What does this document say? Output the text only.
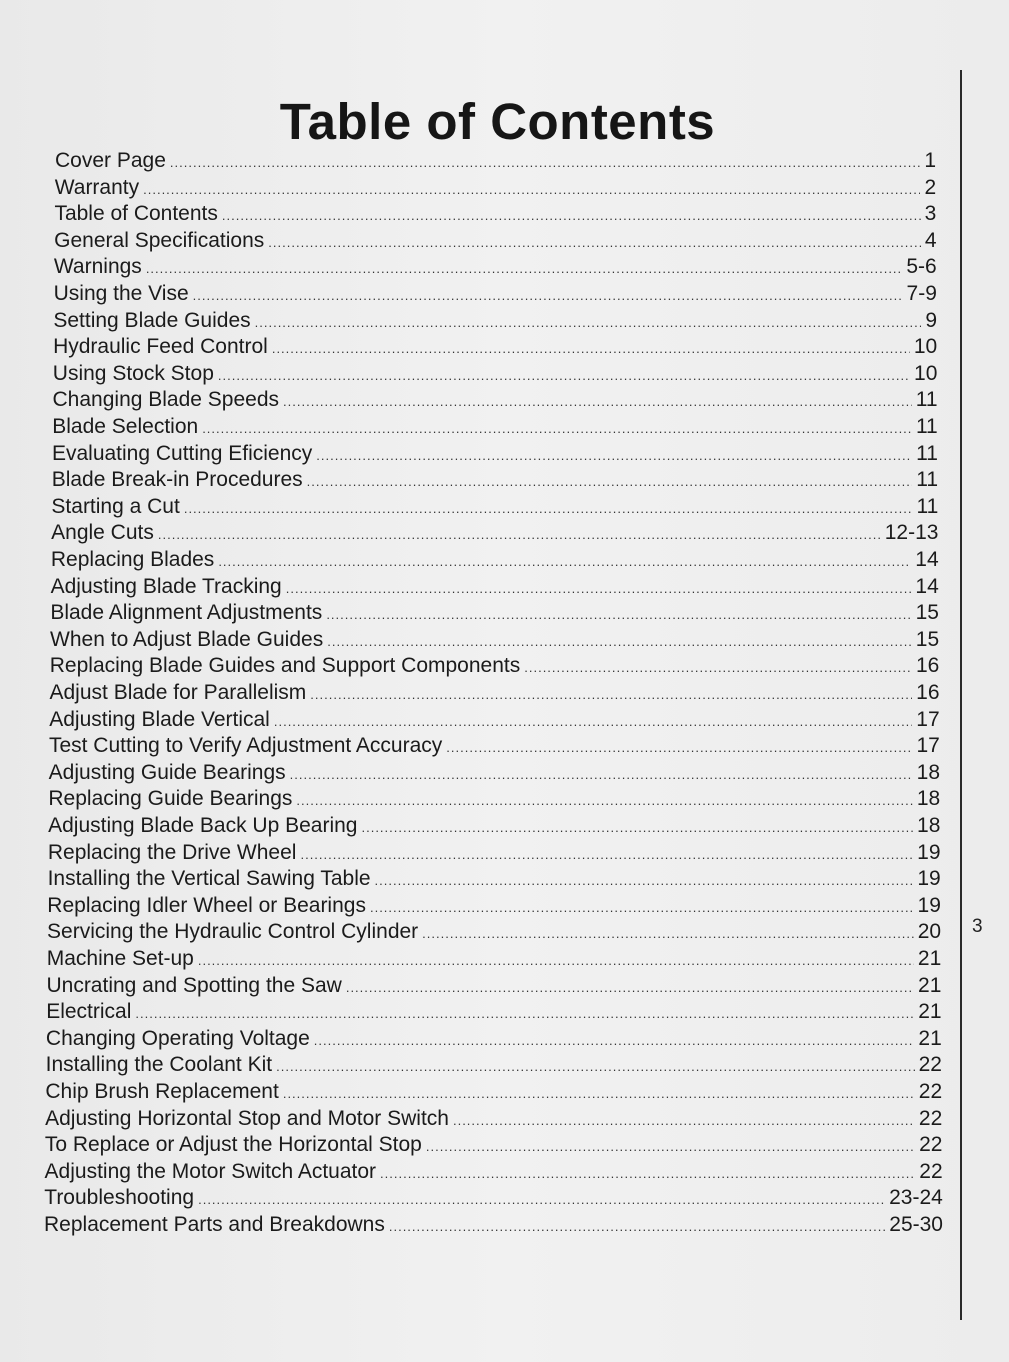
Table of Contents
Cover Page .....	1
Warranty .....	2
Table of Contents .....	3
General Specifications .....	4
Warnings .....	5-6
Using the Vise .....	7-9
Setting Blade Guides .....	9
Hydraulic Feed Control .....	10
Using Stock Stop .....	10
Changing Blade Speeds .....	11
Blade Selection .....	11
Evaluating Cutting Eficiency .....	11
Blade Break-in Procedures .....	11
Starting a Cut .....	11
Angle Cuts .....	12-13
Replacing Blades .....	14
Adjusting Blade Tracking .....	14
Blade Alignment Adjustments .....	15
When to Adjust Blade Guides .....	15
Replacing Blade Guides and Support Components .....	16
Adjust Blade for Parallelism .....	16
Adjusting Blade Vertical .....	17
Test Cutting to Verify Adjustment Accuracy .....	17
Adjusting Guide Bearings .....	18
Replacing Guide Bearings .....	18
Adjusting Blade Back Up Bearing .....	18
Replacing the Drive Wheel .....	19
Installing the Vertical Sawing Table .....	19
Replacing Idler Wheel or Bearings .....	19
Servicing the Hydraulic Control Cylinder .....	20
Machine Set-up .....	21
Uncrating and Spotting the Saw .....	21
Electrical .....	21
Changing Operating Voltage .....	21
Installing the Coolant Kit .....	22
Chip Brush Replacement .....	22
Adjusting Horizontal Stop and Motor Switch .....	22
To Replace or Adjust the Horizontal Stop .....	22
Adjusting the Motor Switch Actuator .....	22
Troubleshooting .....	23-24
Replacement Parts and Breakdowns .....	25-30
3
